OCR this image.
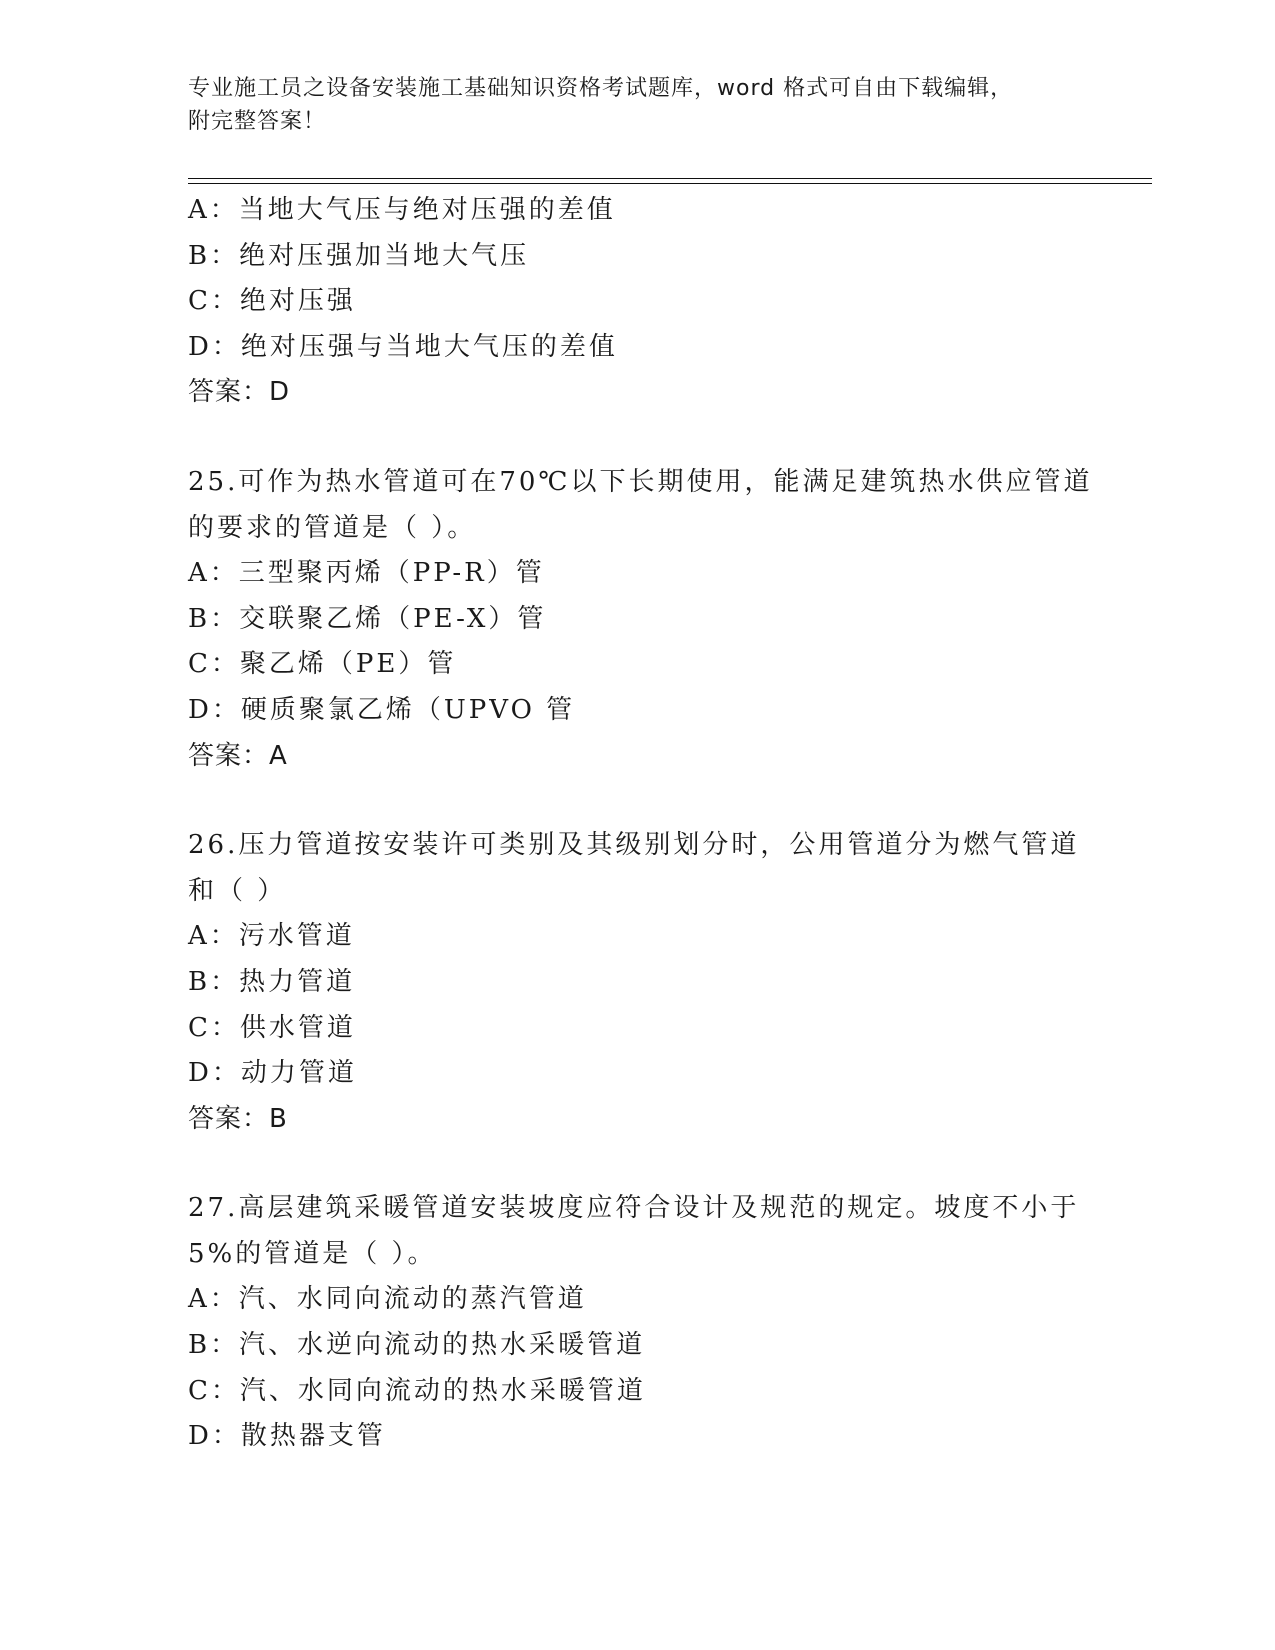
专业施工员之设备安装施工基础知识资格考试题库，word 格式可自由下载编辑，
附完整答案！
A：当地大气压与绝对压强的差值
B：绝对压强加当地大气压
C：绝对压强
D：绝对压强与当地大气压的差值
答案：D
25.可作为热水管道可在70℃以下长期使用，能满足建筑热水供应管道
的要求的管道是（ ）。
A：三型聚丙烯（PP-R）管
B：交联聚乙烯（PE-X）管
C：聚乙烯（PE）管
D：硬质聚氯乙烯（UPVO 管
答案：A
26.压力管道按安装许可类别及其级别划分时，公用管道分为燃气管道
和（ ）
A：污水管道
B：热力管道
C：供水管道
D：动力管道
答案：B
27.高层建筑采暖管道安装坡度应符合设计及规范的规定。坡度不小于
5%的管道是（ ）。
A：汽、水同向流动的蒸汽管道
B：汽、水逆向流动的热水采暖管道
C：汽、水同向流动的热水采暖管道
D：散热器支管
